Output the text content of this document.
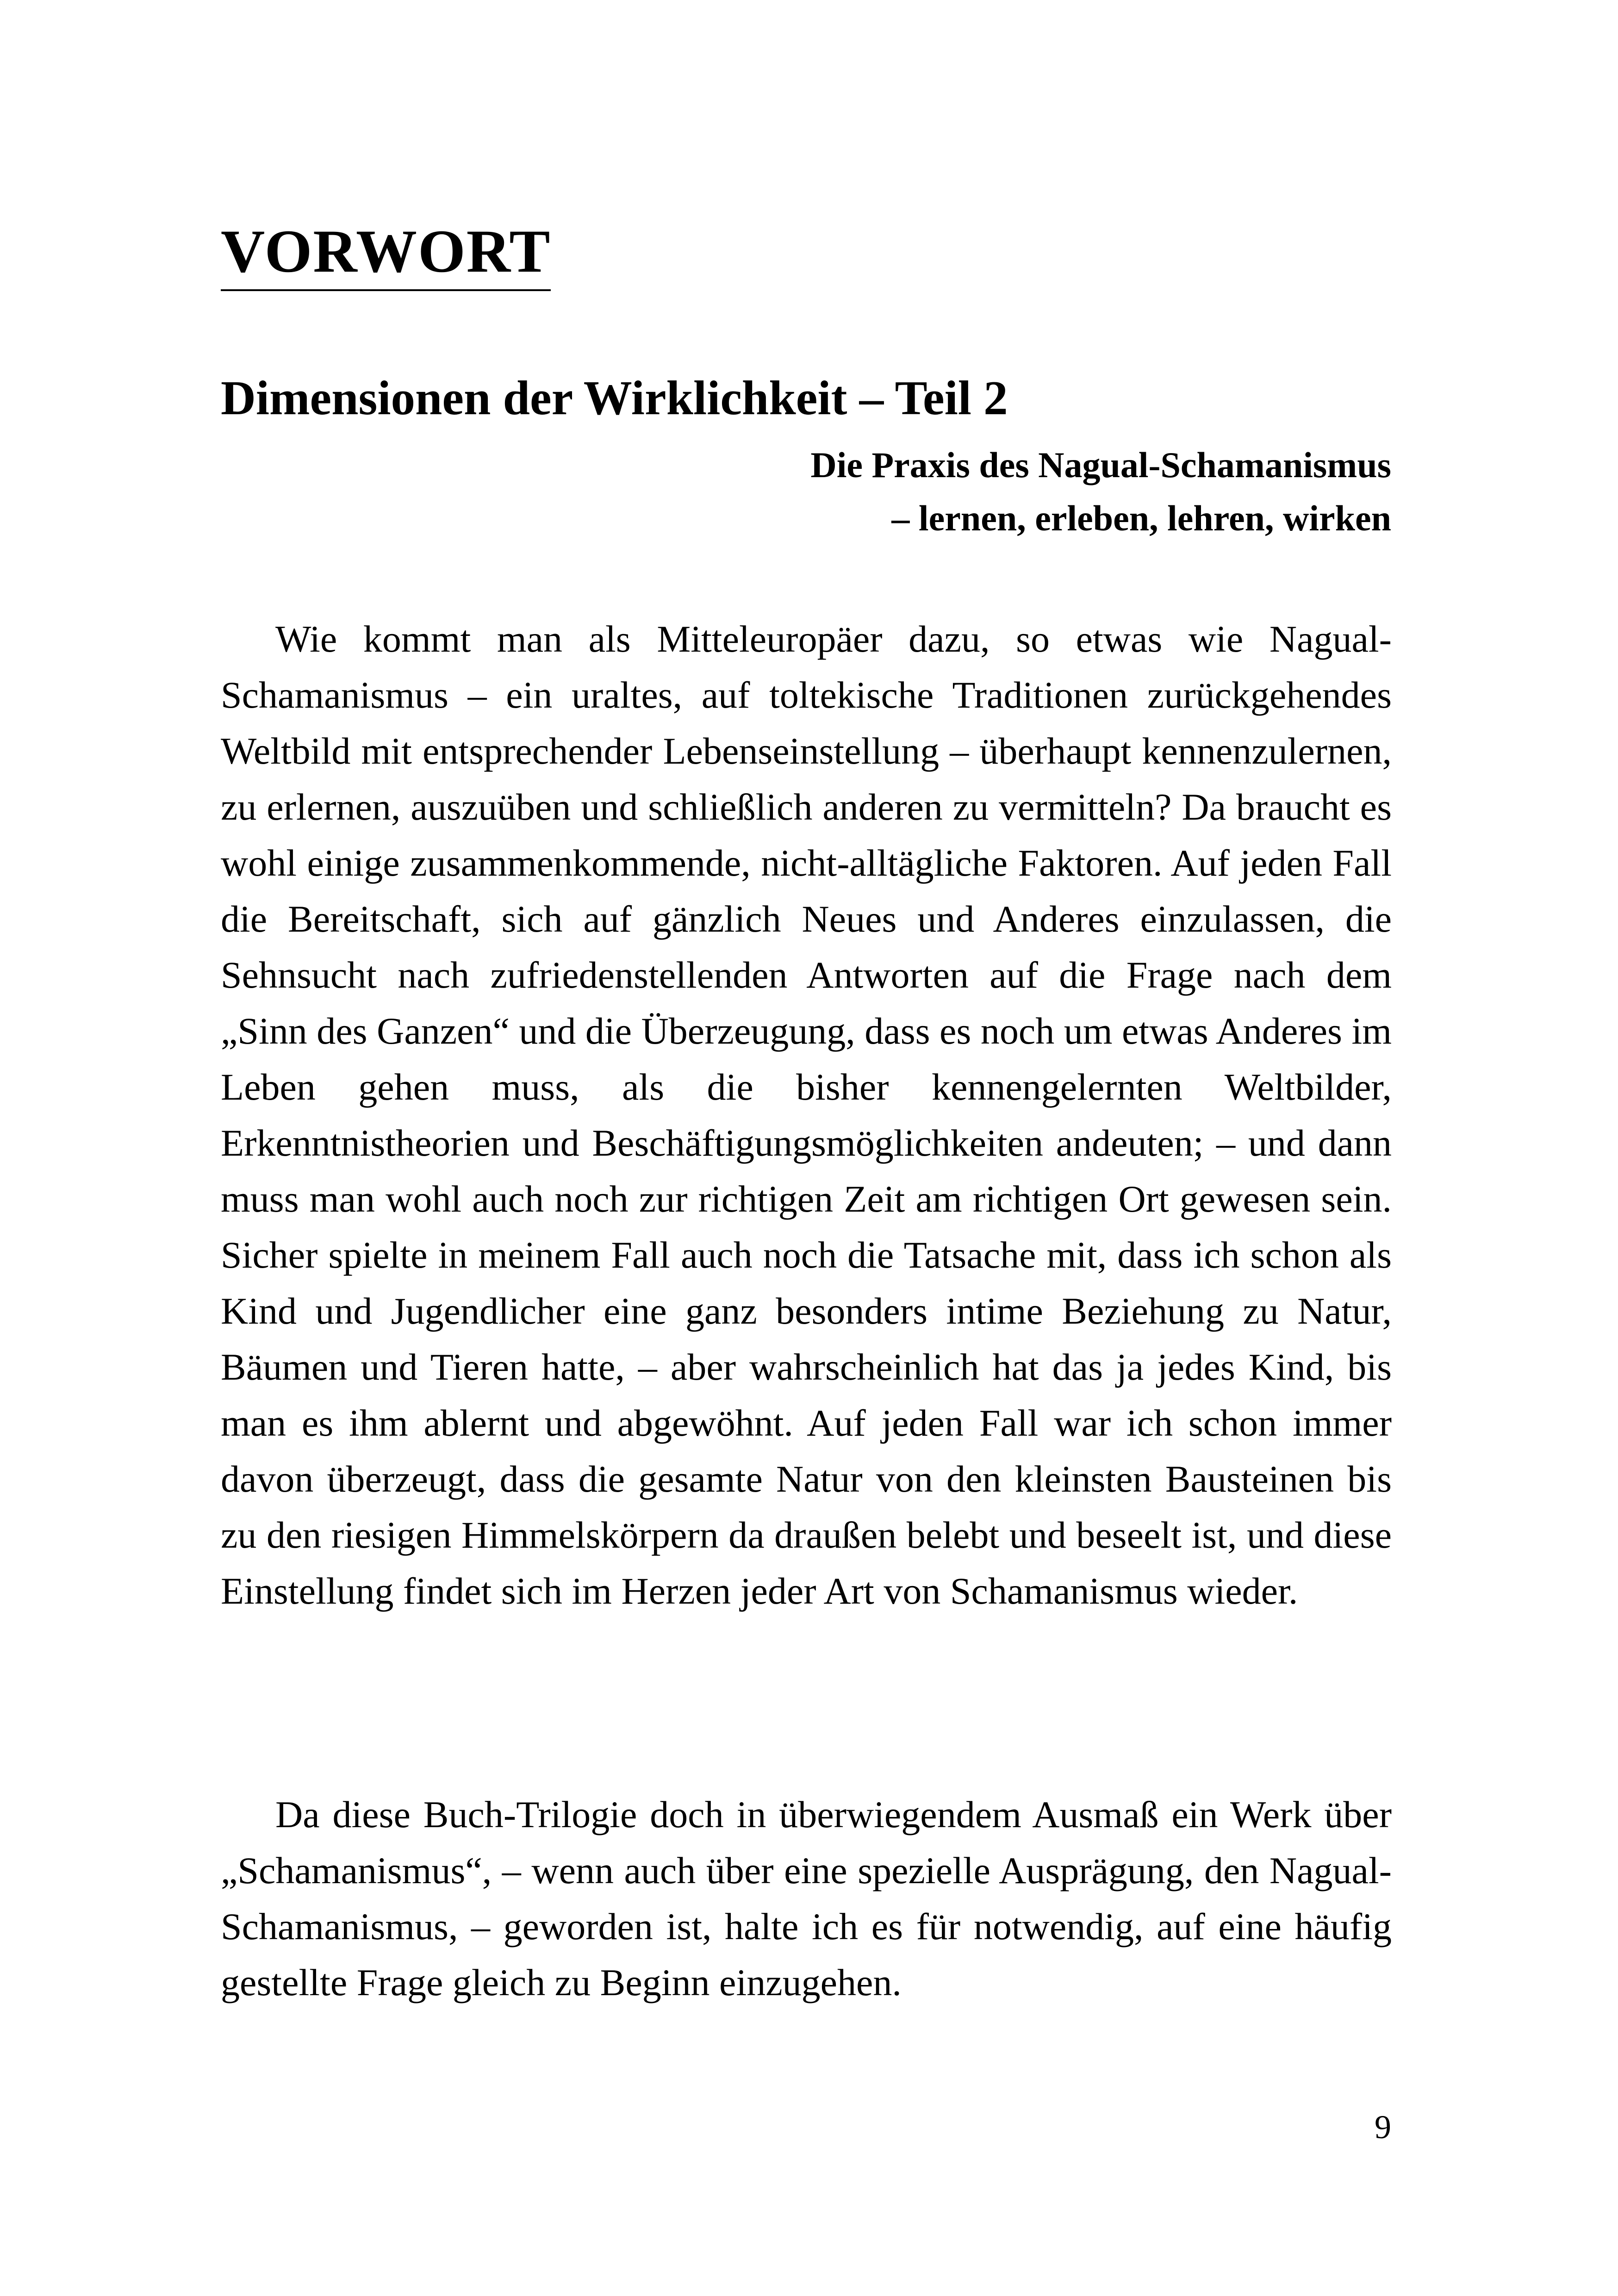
VORWORT
Dimensionen der Wirklichkeit – Teil 2

Die Praxis des Nagual-Schamanismus

– lernen, erleben, lehren, wirken

Wie kommt man als Mitteleuropäer dazu, so etwas wie Nagual-Schamanismus – ein uraltes, auf toltekische Traditionen zurückgehendes Weltbild mit entsprechender Lebenseinstellung – überhaupt kennenzulernen, zu erlernen, auszuüben und schließlich anderen zu vermitteln? Da braucht es wohl einige zusammenkommende, nicht-alltägliche Faktoren. Auf jeden Fall die Bereitschaft, sich auf gänzlich Neues und Anderes einzulassen, die Sehnsucht nach zufriedenstellenden Antworten auf die Frage nach dem „Sinn des Ganzen“ und die Überzeugung, dass es noch um etwas Anderes im Leben gehen muss, als die bisher kennengelernten Weltbilder, Erkenntnistheorien und Beschäftigungsmöglichkeiten andeuten; – und dann muss man wohl auch noch zur richtigen Zeit am richtigen Ort gewesen sein. Sicher spielte in meinem Fall auch noch die Tatsache mit, dass ich schon als Kind und Jugendlicher eine ganz besonders intime Beziehung zu Natur, Bäumen und Tieren hatte, – aber wahrscheinlich hat das ja jedes Kind, bis man es ihm ablernt und abgewöhnt. Auf jeden Fall war ich schon immer davon überzeugt, dass die gesamte Natur von den kleinsten Bausteinen bis zu den riesigen Himmelskörpern da draußen belebt und beseelt ist, und diese Einstellung findet sich im Herzen jeder Art von Schamanismus wieder.

Da diese Buch-Trilogie doch in überwiegendem Ausmaß ein Werk über „Schamanismus“, – wenn auch über eine spezielle Ausprägung, den Nagual-Schamanismus, – geworden ist, halte ich es für notwendig, auf eine häufig gestellte Frage gleich zu Beginn einzugehen.

9
